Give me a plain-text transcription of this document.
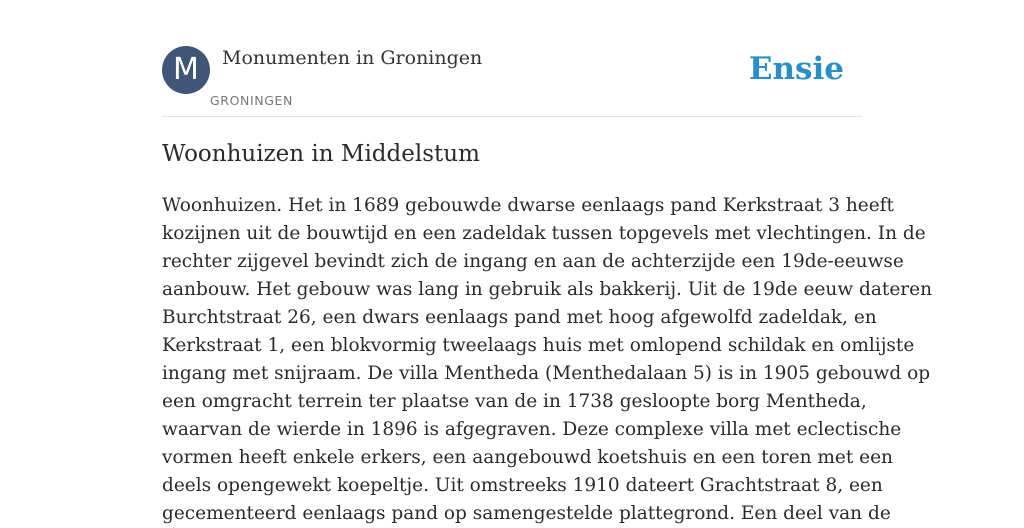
M	Monumenten in Groningen
GRONINGEN
Ensie
Woonhuizen in Middelstum
Woonhuizen. Het in 1689 gebouwde dwarse eenlaags pand Kerkstraat 3 heeft
kozijnen uit de bouwtijd en een zadeldak tussen topgevels met vlechtingen. In de
rechter zijgevel bevindt zich de ingang en aan de achterzijde een 19de-eeuwse
aanbouw. Het gebouw was lang in gebruik als bakkerij. Uit de 19de eeuw dateren
Burchtstraat 26, een dwars eenlaags pand met hoog afgewolfd zadeldak, en
Kerkstraat 1, een blokvormig tweelaags huis met omlopend schildak en omlijste
ingang met snijraam. De villa Mentheda (Menthedalaan 5) is in 1905 gebouwd op
een omgracht terrein ter plaatse van de in 1738 gesloopte borg Mentheda,
waarvan de wierde in 1896 is afgegraven. Deze complexe villa met eclectische
vormen heeft enkele erkers, een aangebouwd koetshuis en een toren met een
deels opengewekt koepeltje. Uit omstreeks 1910 dateert Grachtstraat 8, een
gecementeerd eenlaags pand op samengestelde plattegrond. Een deel van de
